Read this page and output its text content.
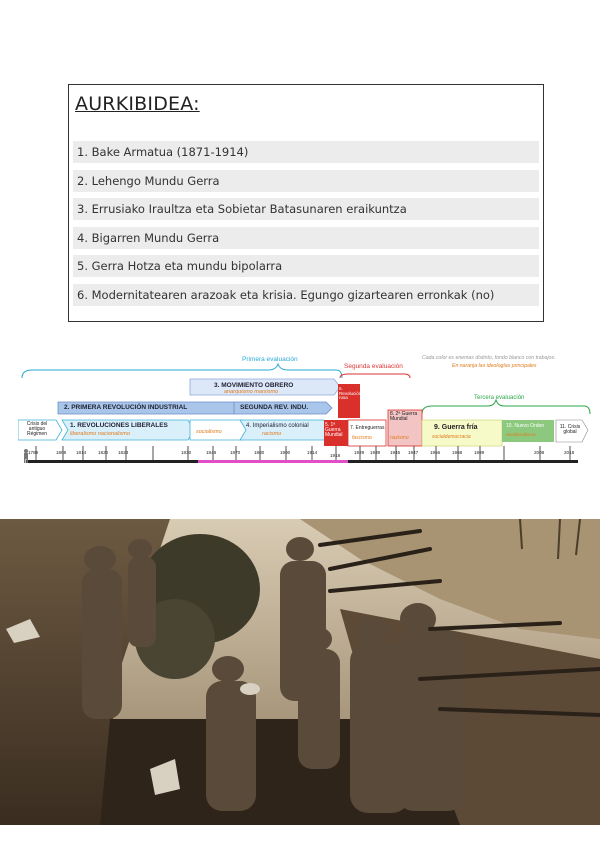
AURKIBIDEA:
1. Bake Armatua (1871-1914)
2. Lehengo Mundu Gerra
3. Errusiako Iraultza eta Sobietar Batasunaren eraikuntza
4. Bigarren Mundu Gerra
5. Gerra Hotza eta mundu bipolarra
6. Modernitatearen arazoak eta krisia. Egungo gizartearen erronkak (no)
Primera evaluación
Segunda evaluación
Tercera evaluación
Cada color es enemas distinto, fondo blanco con trabajos.
En naranja las ideologías principales
3. MOVIMIENTO OBRERO
anarquismo marxismo
2. PRIMERA REVOLUCIÓN INDUSTRIAL	SEGUNDA REV. INDU.
Crisis del antiguo Régimen
1. REVOLUCIONES LIBERALES
liberalismo nacionalismo	socialismo
4. Imperialismo colonial
racismo
6. Revolución rusa
5. 1ª Guerra Mundial
7. Entreguerras
fascismo
8. 2ª Guerra Mundial
nazismo
9. Guerra fría
socialdemocracia
10. Nuevo Orden
neoliberalismo
11. Crisis global
1789	1808 1814	1820 1823	1830	1848	1870	1880	1900	1914
1918
1929 1939 1945 1947	1956	1968	1989	2008	2018
